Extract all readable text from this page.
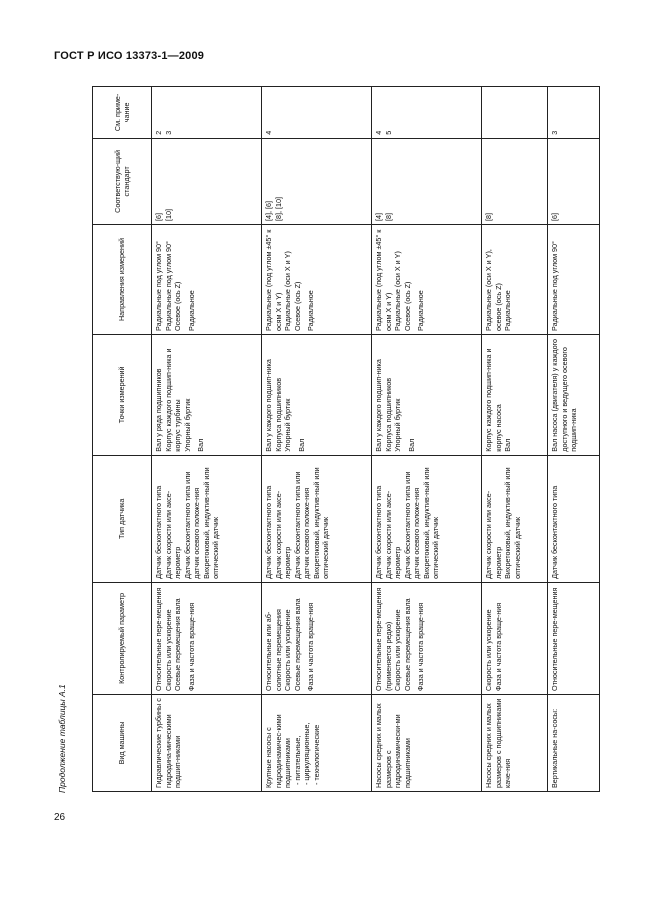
ГОСТ Р ИСО 13373-1—2009
Продолжение таблицы А.1	Вид машины	Контролируемый параметр	Тип датчика	Точки измерений	Направления измерений	Соответствую-щий стандарт	См. приме-чание

Гидравлические турбины с гидродина-мическими подшип-никами	Относительные пере-мещения Скорость или ускорение Осевые перемещения вала Фаза и частота враще-ния	Датчик бесконтактного типа Датчик скорости или аксе-лерометр Датчик бесконтактного типа или датчик осевого положе-ния Вихретоковый, индуктив-ный или оптический датчик	Вал у ряда подшипников Корпус каждого подшип-ника и корпус турбины Упорный буртик Вал	Радиальные под углом 90° Радиальные под углом 90° Осевое (ось Z) Радиальное	[6] [10]	2 3

Крупные насосы с гидродинамичес-кими подшипниками - питательные, - циркуляционные, - технологические	Относительные или аб-солютные перемещения Скорость или ускорение Осевые перемещения вала Фаза и частота враще-ния	Датчик бесконтактного типа Датчик скорости или аксе-лерометр Датчик бесконтактного типа или датчик осевого положе-ния Вихретоковый, индуктив-ный или оптический датчик	Вал у каждого подшип-ника Корпуса подшипников Упорный буртик Вал	Радиальные (под углом ±45° к осям X и Y) Радиальные (оси X и Y) Осевое (ось Z) Радиальное	[4], [6] [8], [10]	4

Насосы средних и малых размеров с гидродинамически-ми подшипниками	Относительные пере-мещения (применяется редко) Скорость или ускорение Осевые перемещения вала Фаза и частота враще-ния	Датчик бесконтактного типа Датчик скорости или аксе-лерометр Датчик бесконтактного типа или датчик осевого положе-ния Вихретоковый, индуктив-ный или оптический датчик	Вал у каждого подшип-ника Корпуса подшипников Упорный буртик Вал	Радиальные (под углом ±45° к осям X и Y) Радиальные (оси X и Y) Осевое (ось Z) Радиальное	[4] [8]	4 5

Насосы средних и малых размеров с подшипниками каче-ния	Скорость или ускорение Фаза и частота враще-ния	Датчик скорости или аксе-лерометр Вихретоковый, индуктив-ный или оптический датчик	Корпус каждого подшип-ника и корпус насоса Вал	Радиальные (оси X и Y), осевое (ось Z) Радиальное	[8]	

Вертикальные на-сосы:	Относительные пере-мещения	Датчик бесконтактного типа	Вал насоса (двигателя) у каждого доступного и ведущего осевого подшип-ника	Радиальные под углом 90°	[6]	3
26
